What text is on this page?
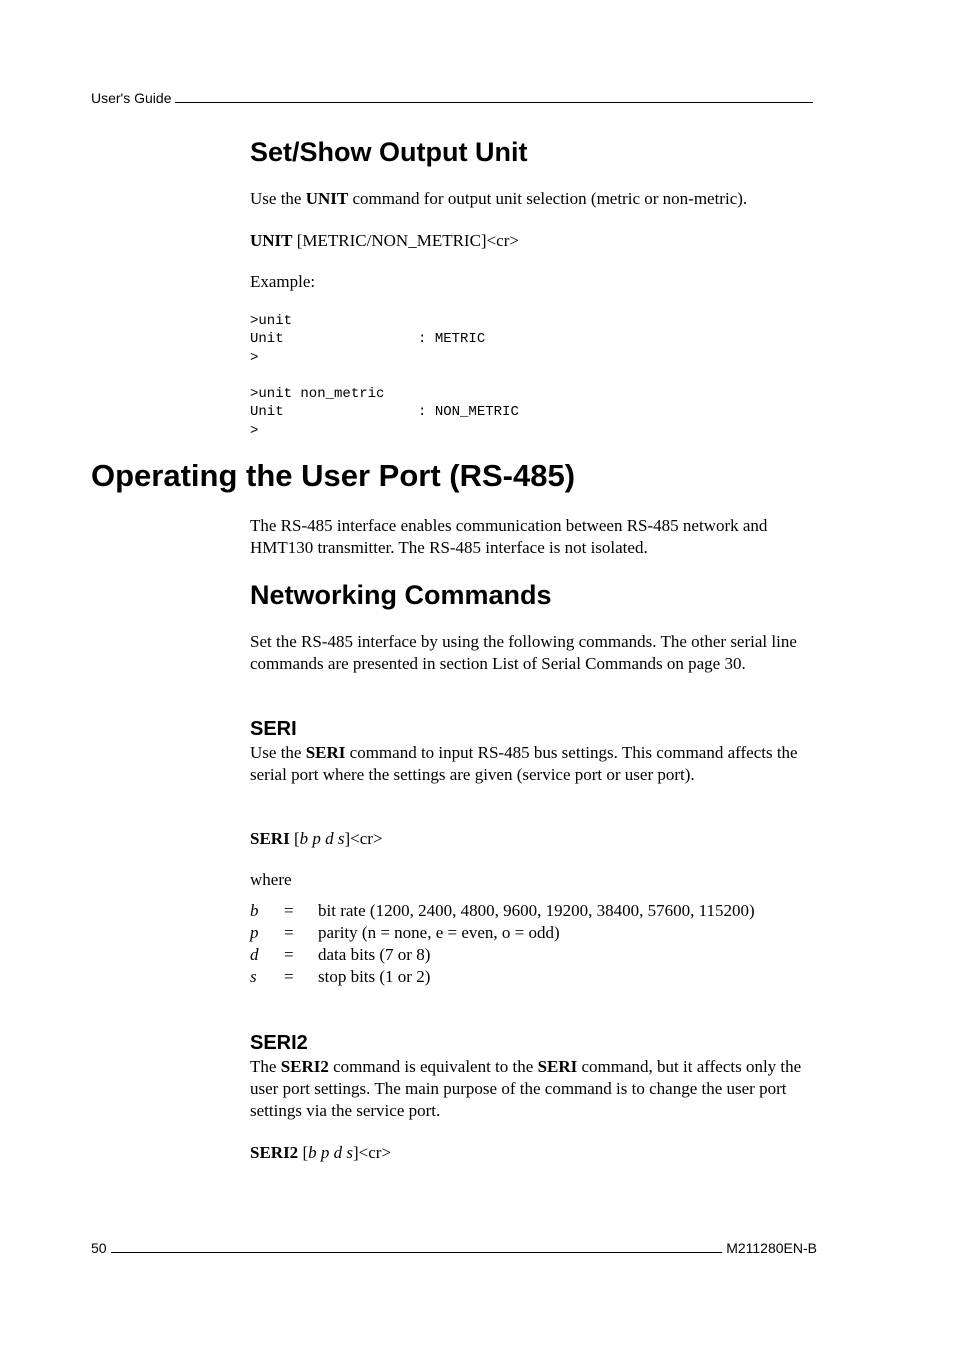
User's Guide
Set/Show Output Unit

Use the UNIT command for output unit selection (metric or non-metric).

UNIT [METRIC/NON_METRIC]<cr>

Example:

>unit
Unit                : METRIC
>
>unit non_metric
Unit                : NON_METRIC
>
Operating the User Port (RS-485)

The RS-485 interface enables communication between RS-485 network and HMT130 transmitter. The RS-485 interface is not isolated.

Networking Commands

Set the RS-485 interface by using the following commands. The other serial line commands are presented in section List of Serial Commands on page 30.

SERI

Use the SERI command to input RS-485 bus settings. This command affects the serial port where the settings are given (service port or user port).

SERI [b p d s]<cr>

where

b	=	bit rate (1200, 2400, 4800, 9600, 19200, 38400, 57600, 115200)
p	=	parity (n = none, e = even, o = odd)
d	=	data bits (7 or 8)
s	=	stop bits (1 or 2)
SERI2

The SERI2 command is equivalent to the SERI command, but it affects only the user port settings. The main purpose of the command is to change the user port settings via the service port.

SERI2 [b p d s]<cr>

50	M211280EN-B
